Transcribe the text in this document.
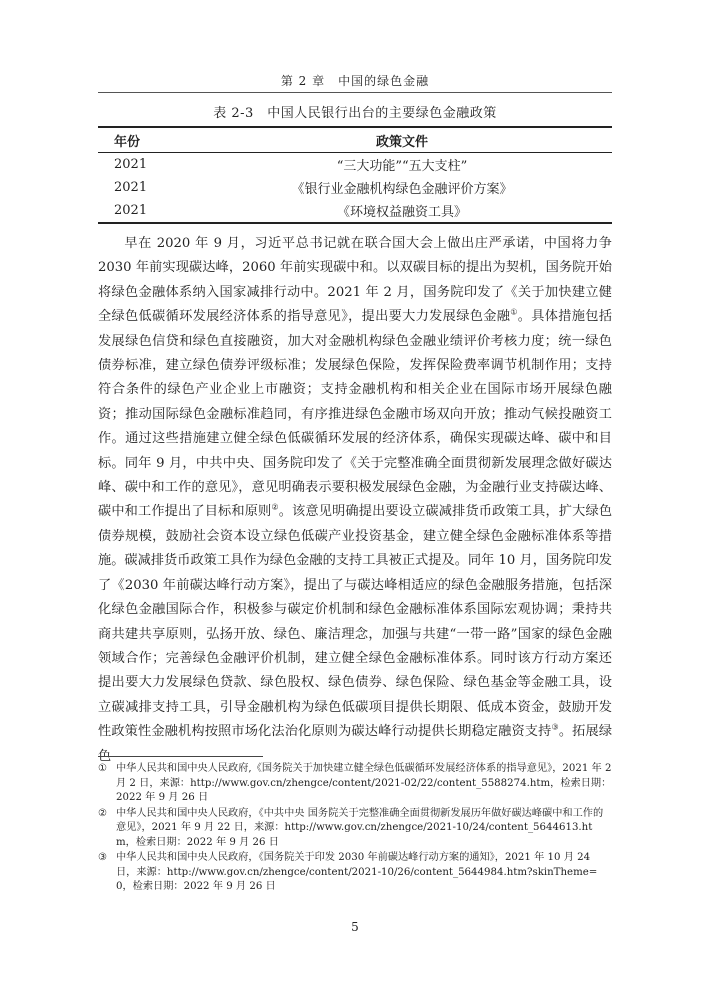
第 2 章　中国的绿色金融
表 2-3　中国人民银行出台的主要绿色金融政策
年份	政策文件
2021	“三大功能”“五大支柱”
2021	《银行业金融机构绿色金融评价方案》
2021	《环境权益融资工具》

早在 2020 年 9 月，习近平总书记就在联合国大会上做出庄严承诺，中国将力争 2030 年前实现碳达峰，2060 年前实现碳中和。以双碳目标的提出为契机，国务院开始将绿色金融体系纳入国家减排行动中。2021 年 2 月，国务院印发了《关于加快建立健全绿色低碳循环发展经济体系的指导意见》，提出要大力发展绿色金融①。具体措施包括发展绿色信贷和绿色直接融资，加大对金融机构绿色金融业绩评价考核力度；统一绿色债券标准，建立绿色债券评级标准；发展绿色保险，发挥保险费率调节机制作用；支持符合条件的绿色产业企业上市融资；支持金融机构和相关企业在国际市场开展绿色融资；推动国际绿色金融标准趋同，有序推进绿色金融市场双向开放；推动气候投融资工作。通过这些措施建立健全绿色低碳循环发展的经济体系，确保实现碳达峰、碳中和目标。同年 9 月，中共中央、国务院印发了《关于完整准确全面贯彻新发展理念做好碳达峰、碳中和工作的意见》，意见明确表示要积极发展绿色金融，为金融行业支持碳达峰、碳中和工作提出了目标和原则②。该意见明确提出要设立碳减排货币政策工具，扩大绿色债券规模，鼓励社会资本设立绿色低碳产业投资基金，建立健全绿色金融标准体系等措施。碳减排货币政策工具作为绿色金融的支持工具被正式提及。同年 10 月，国务院印发了《2030 年前碳达峰行动方案》，提出了与碳达峰相适应的绿色金融服务措施，包括深化绿色金融国际合作，积极参与碳定价机制和绿色金融标准体系国际宏观协调；秉持共商共建共享原则，弘扬开放、绿色、廉洁理念，加强与共建“一带一路”国家的绿色金融领域合作；完善绿色金融评价机制，建立健全绿色金融标准体系。同时该方行动方案还提出要大力发展绿色贷款、绿色股权、绿色债券、绿色保险、绿色基金等金融工具，设立碳减排支持工具，引导金融机构为绿色低碳项目提供长期限、低成本资金，鼓励开发性政策性金融机构按照市场化法治化原则为碳达峰行动提供长期稳定融资支持③。拓展绿色

① 中华人民共和国中央人民政府,《国务院关于加快建立健全绿色低碳循环发展经济体系的指导意见》，2021 年 2 月 2 日，来源：http://www.gov.cn/zhengce/content/2021-02/22/content_5588274.htm，检索日期：2022 年 9 月 26 日
② 中华人民共和国中央人民政府，《中共中央 国务院关于完整准确全面贯彻新发展历年做好碳达峰碳中和工作的意见》，2021 年 9 月 22 日，来源：http://www.gov.cn/zhengce/2021-10/24/content_5644613.htm，检索日期：2022 年 9 月 26 日
③ 中华人民共和国中央人民政府，《国务院关于印发 2030 年前碳达峰行动方案的通知》，2021 年 10 月 24 日，来源：http://www.gov.cn/zhengce/content/2021-10/26/content_5644984.htm?skinTheme=0，检索日期：2022 年 9 月 26 日
5
